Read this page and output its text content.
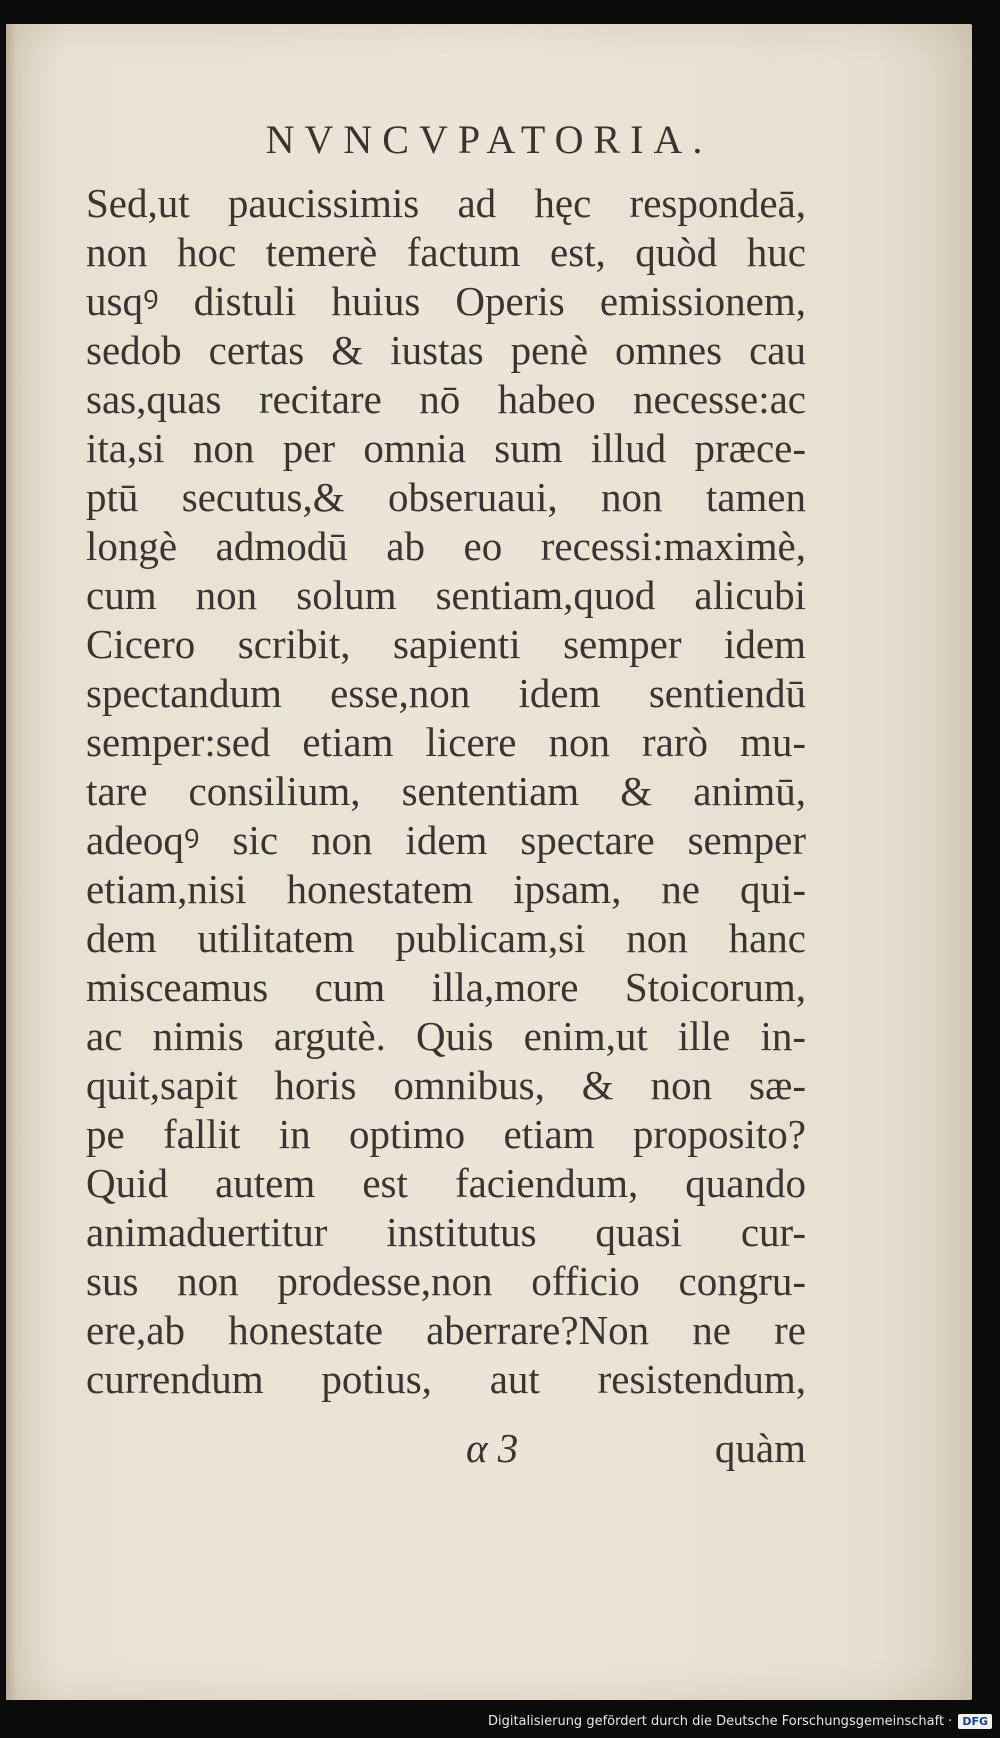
NVNCVPATORIA.
Sed,ut paucissimis ad hęc respondeā,
non hoc temerè factum est, quòd huc
usqꝰ distuli huius Operis emissionem,
sedob certas & iustas penè omnes cau
sas,quas recitare nō habeo necesse:ac
ita,si non per omnia sum illud præce-
ptū secutus,& obseruaui, non tamen
longè admodū ab eo recessi:maximè,
cum non solum sentiam,quod alicubi
Cicero scribit, sapienti semper idem
spectandum esse,non idem sentiendū
semper:sed etiam licere non rarò mu-
tare consilium, sententiam & animū,
adeoqꝰ sic non idem spectare semper
etiam,nisi honestatem ipsam, ne qui-
dem utilitatem publicam,si non hanc
misceamus cum illa,more Stoicorum,
ac nimis argutè. Quis enim,ut ille in-
quit,sapit horis omnibus, & non sæ-
pe fallit in optimo etiam proposito?
Quid autem est faciendum, quando
animaduertitur institutus quasi cur-
sus non prodesse,non officio congru-
ere,ab honestate aberrare?Non ne re
currendum potius, aut resistendum,
α 3	quàm
Digitalisierung gefördert durch die Deutsche Forschungsgemeinschaft · DFG
